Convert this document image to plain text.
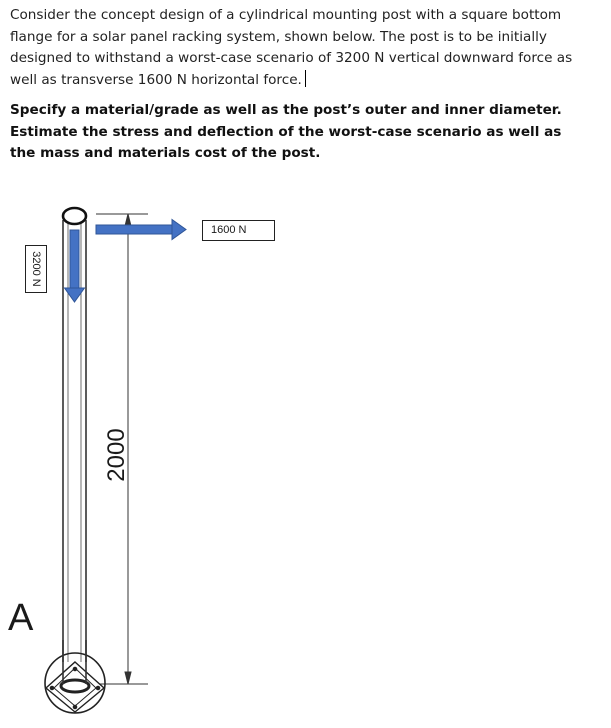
Consider the concept design of a cylindrical mounting post with a square bottom flange for a solar panel racking system, shown below. The post is to be initially designed to withstand a worst-case scenario of 3200 N vertical downward force as well as transverse 1600 N horizontal force.

Specify a material/grade as well as the post’s outer and inner diameter. Estimate the stress and deflection of the worst-case scenario as well as the mass and materials cost of the post.

1600 N
3200 N
2000
A
